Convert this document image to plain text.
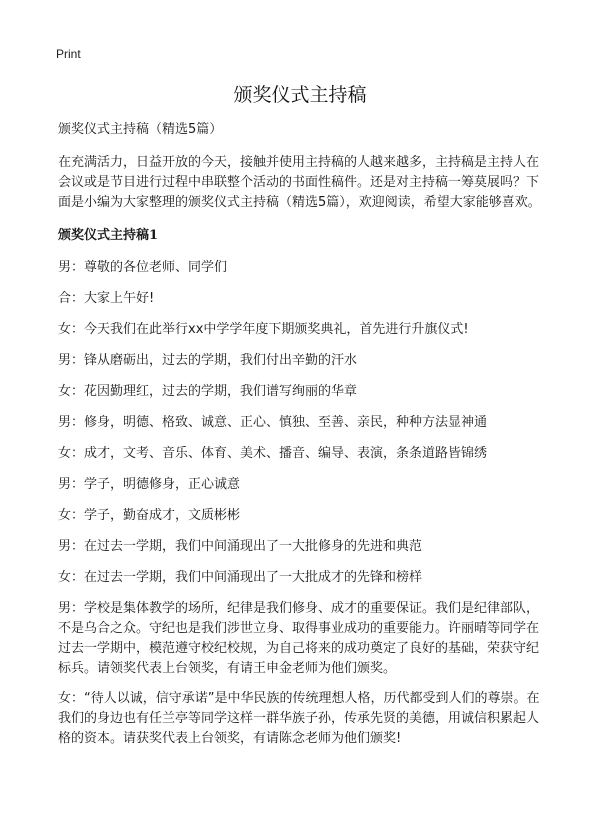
Print
颁奖仪式主持稿

颁奖仪式主持稿（精选5篇）

在充满活力，日益开放的今天，接触并使用主持稿的人越来越多，主持稿是主持人在会议或是节目进行过程中串联整个活动的书面性稿件。还是对主持稿一筹莫展吗？下面是小编为大家整理的颁奖仪式主持稿（精选5篇），欢迎阅读，希望大家能够喜欢。

颁奖仪式主持稿1

男：尊敬的各位老师、同学们

合：大家上午好!

女：今天我们在此举行xx中学学年度下期颁奖典礼，首先进行升旗仪式!

男：锋从磨砺出，过去的学期，我们付出辛勤的汗水

女：花因勤理红，过去的学期，我们谱写绚丽的华章

男：修身，明德、格致、诚意、正心、慎独、至善、亲民，种种方法显神通

女：成才，文考、音乐、体育、美术、播音、编导、表演，条条道路皆锦绣

男：学子，明德修身，正心诚意

女：学子，勤奋成才，文质彬彬

男：在过去一学期，我们中间涌现出了一大批修身的先进和典范

女：在过去一学期，我们中间涌现出了一大批成才的先锋和榜样

男：学校是集体教学的场所，纪律是我们修身、成才的重要保证。我们是纪律部队，不是乌合之众。守纪也是我们涉世立身、取得事业成功的重要能力。许丽晴等同学在过去一学期中，模范遵守校纪校规，为自己将来的成功奠定了良好的基础，荣获守纪标兵。请领奖代表上台领奖，有请王申金老师为他们颁奖。

女：“待人以诚，信守承诺”是中华民族的传统理想人格，历代都受到人们的尊崇。在我们的身边也有任兰亭等同学这样一群华族子孙，传承先贤的美德，用诚信积累起人格的资本。请获奖代表上台领奖，有请陈念老师为他们颁奖!
